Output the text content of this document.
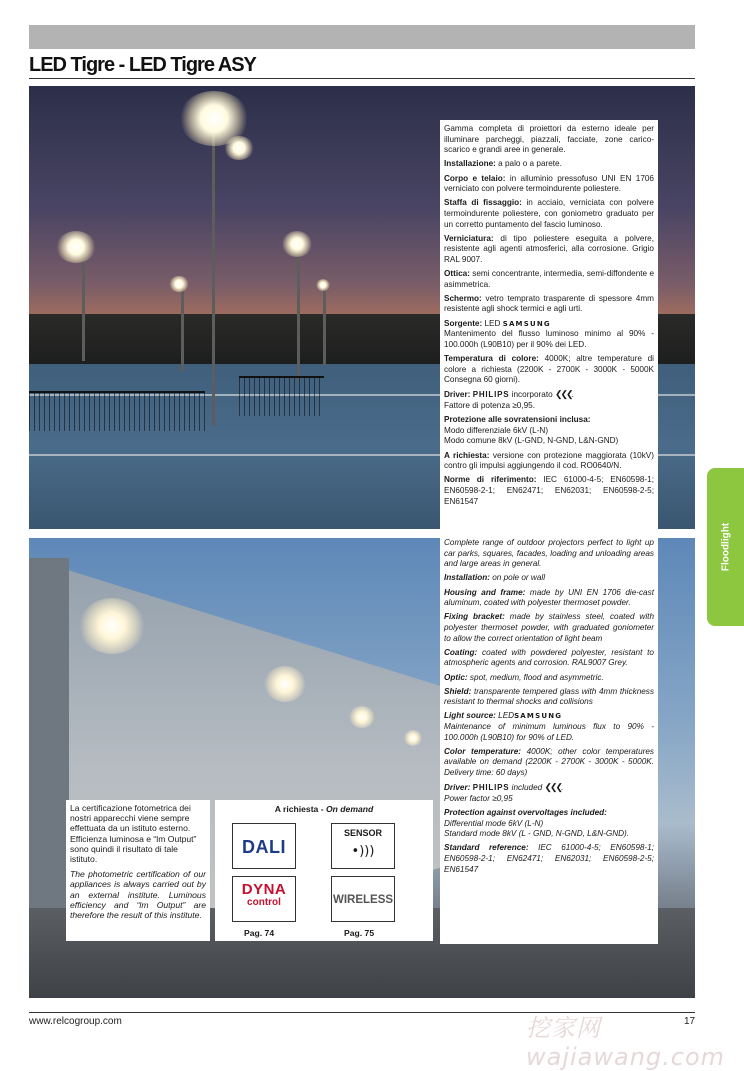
LED Tigre - LED Tigre ASY

Gamma completa di proiettori da esterno ideale per illuminare parcheggi, piazzali, facciate, zone carico-scarico e grandi aree in generale.

Installazione: a palo o a parete.

Corpo e telaio: in alluminio pressofuso UNI EN 1706 verniciato con polvere termoindurente poliestere.

Staffa di fissaggio: in acciaio, verniciata con polvere termoindurente poliestere, con goniometro graduato per un corretto puntamento del fascio luminoso.

Verniciatura: di tipo poliestere eseguita a polvere, resistente agli agenti atmosferici, alla corrosione. Grigio RAL 9007.

Ottica: semi concentrante, intermedia, semi-diffondente e asimmetrica.

Schermo: vetro temprato trasparente di spessore 4mm resistente agli shock termici e agli urti.

Sorgente: LED SAMSUNG
Mantenimento del flusso luminoso minimo al 90% - 100.000h (L90B10) per il 90% dei LED.

Temperatura di colore: 4000K; altre temperature di colore a richiesta (2200K - 2700K - 3000K - 5000K Consegna 60 giorni).

Driver: PHILIPS incorporato ❮❮❮.
Fattore di potenza ≥0,95.

Protezione alle sovratensioni inclusa:
Modo differenziale 6kV (L-N)
Modo comune 8kV (L-GND, N-GND, L&N-GND)

A richiesta: versione con protezione maggiorata (10kV) contro gli impulsi aggiungendo il cod. RO0640/N.

Norme di riferimento: IEC 61000-4-5; EN60598-1; EN60598-2-1; EN62471; EN62031; EN60598-2-5; EN61547

Complete range of outdoor projectors perfect to light up car parks, squares, facades, loading and unloading areas and large areas in general.

Installation: on pole or wall

Housing and frame: made by UNI EN 1706 die-cast aluminum, coated with polyester thermoset powder.

Fixing bracket: made by stainless steel, coated with polyester thermoset powder, with graduated goniometer to allow the correct orientation of light beam

Coating: coated with powdered polyester, resistant to atmospheric agents and corrosion. RAL9007 Grey.

Optic: spot, medium, flood and asymmetric.

Shield: transparente tempered glass with 4mm thickness resistant to thermal shocks and collisions

Light source: LEDSAMSUNG
Maintenance of minimum luminous flux to 90% - 100.000h (L90B10) for 90% of LED.

Color temperature: 4000K; other color temperatures available on demand (2200K - 2700K - 3000K - 5000K. Delivery time: 60 days)

Driver: PHILIPS included ❮❮❮.
Power factor ≥0,95

Protection against overvoltages included:
Differential mode 6kV (L-N)
Standard mode 8kV (L - GND, N-GND, L&N-GND).

Standard reference: IEC 61000-4-5; EN60598-1; EN60598-2-1; EN62471; EN62031; EN60598-2-5; EN61547

La certificazione fotometrica dei nostri apparecchi viene sempre effettuata da un istituto esterno. Efficienza luminosa e “lm Output” sono quindi il risultato di tale istituto.

The photometric certification of our appliances is always carried out by an external institute. Luminous efficiency and “lm Output” are therefore the result of this institute.

A richiesta - On demand
DALI
SENSOR
•)))
DYNA
control	WIRELESS
Pag. 74	Pag. 75
Floodlight
www.relcogroup.com	17
挖家网 wajiawang.com
